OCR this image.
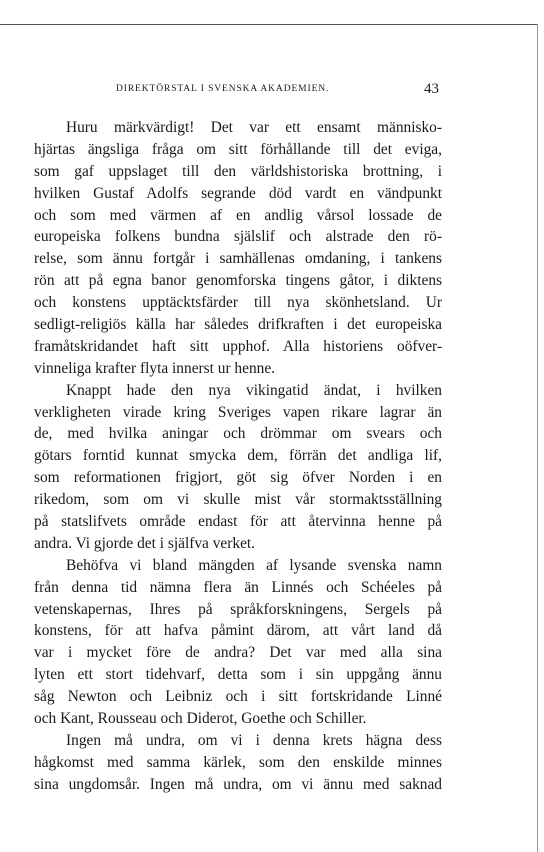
DIREKTÖRSTAL I SVENSKA AKADEMIEN.	43
Huru märkvärdigt! Det var ett ensamt människo-
hjärtas ängsliga fråga om sitt förhållande till det eviga,
som gaf uppslaget till den världshistoriska brottning, i
hvilken Gustaf Adolfs segrande död vardt en vändpunkt
och som med värmen af en andlig vårsol lossade de
europeiska folkens bundna själslif och alstrade den rö-
relse, som ännu fortgår i samhällenas omdaning, i tankens
rön att på egna banor genomforska tingens gåtor, i diktens
och konstens upptäcktsfärder till nya skönhetsland. Ur
sedligt-religiös källa har således drifkraften i det europeiska
framåtskridandet haft sitt upphof. Alla historiens oöfver-
vinneliga krafter flyta innerst ur henne.
Knappt hade den nya vikingatid ändat, i hvilken
verkligheten virade kring Sveriges vapen rikare lagrar än
de, med hvilka aningar och drömmar om svears och
götars forntid kunnat smycka dem, förrän det andliga lif,
som reformationen frigjort, göt sig öfver Norden i en
rikedom, som om vi skulle mist vår stormaktsställning
på statslifvets område endast för att återvinna henne på
andra. Vi gjorde det i själfva verket.
Behöfva vi bland mängden af lysande svenska namn
från denna tid nämna flera än Linnés och Schéeles på
vetenskapernas, Ihres på språkforskningens, Sergels på
konstens, för att hafva påmint därom, att vårt land då
var i mycket före de andra? Det var med alla sina
lyten ett stort tidehvarf, detta som i sin uppgång ännu
såg Newton och Leibniz och i sitt fortskridande Linné
och Kant, Rousseau och Diderot, Goethe och Schiller.
Ingen må undra, om vi i denna krets hägna dess
hågkomst med samma kärlek, som den enskilde minnes
sina ungdomsår. Ingen må undra, om vi ännu med saknad
